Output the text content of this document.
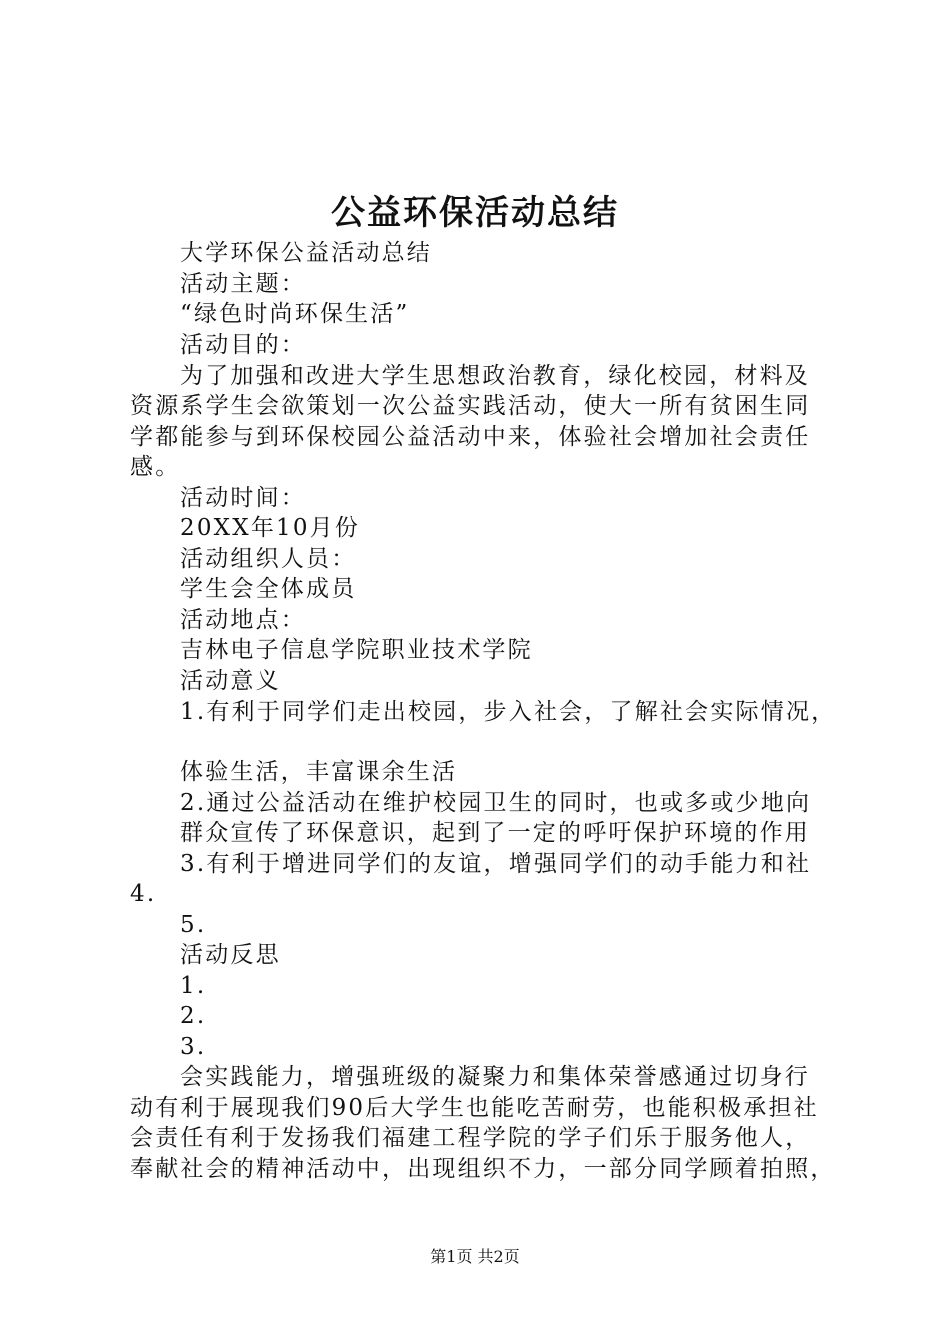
公益环保活动总结
大学环保公益活动总结
活动主题：
“绿色时尚环保生活”
活动目的：
为了加强和改进大学生思想政治教育，绿化校园，材料及
资源系学生会欲策划一次公益实践活动，使大一所有贫困生同
学都能参与到环保校园公益活动中来，体验社会增加社会责任
感。
活动时间：
20XX年10月份
活动组织人员：
学生会全体成员
活动地点：
吉林电子信息学院职业技术学院
活动意义
1.有利于同学们走出校园，步入社会，了解社会实际情况，
体验生活，丰富课余生活
2.通过公益活动在维护校园卫生的同时，也或多或少地向
群众宣传了环保意识，起到了一定的呼吁保护环境的作用
3.有利于增进同学们的友谊，增强同学们的动手能力和社
4.
5.
活动反思
1.
2.
3.
会实践能力，增强班级的凝聚力和集体荣誉感通过切身行
动有利于展现我们90后大学生也能吃苦耐劳，也能积极承担社
会责任有利于发扬我们福建工程学院的学子们乐于服务他人，
奉献社会的精神活动中，出现组织不力，一部分同学顾着拍照，
第1页 共2页
